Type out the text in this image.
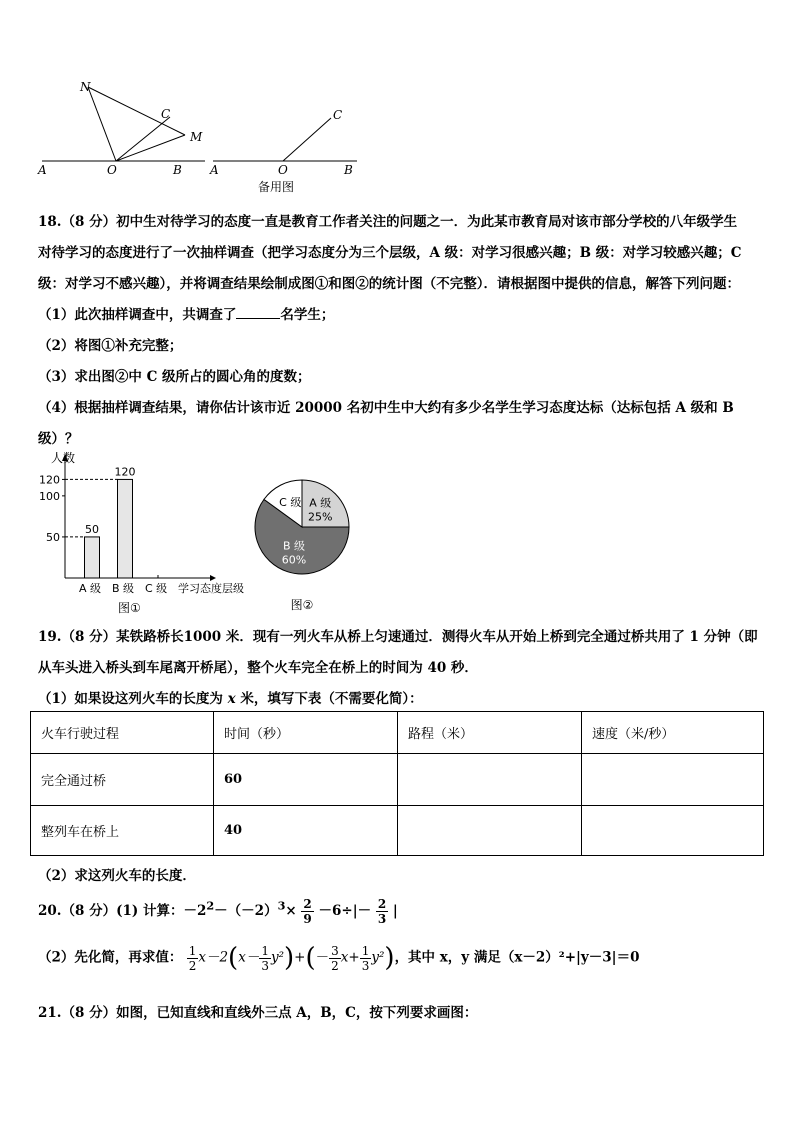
N
C
M
A	O	B
C
A	O	B
备用图
18.（8 分）初中生对待学习的态度一直是教育工作者关注的问题之一．为此某市教育局对该市部分学校的八年级学生
对待学习的态度进行了一次抽样调查（把学习态度分为三个层级，A 级：对学习很感兴趣；B 级：对学习较感兴趣；C
级：对学习不感兴趣），并将调查结果绘制成图①和图②的统计图（不完整）．请根据图中提供的信息，解答下列问题：
（1）此次抽样调查中，共调查了	名学生；
（2）将图①补充完整；
（3）求出图②中 C 级所占的圆心角的度数；
（4）根据抽样调查结果，请你估计该市近 20000 名初中生中大约有多少名学生学习态度达标（达标包括 A 级和 B
级）？
人数
50
100
120
50
A 级
120
B 级 C 级 学习态度层级
图①
A 级
25%
B 级
60%
C 级
图②
19.（8 分）某铁路桥长1000 米．现有一列火车从桥上匀速通过．测得火车从开始上桥到完全通过桥共用了 1 分钟（即
从车头进入桥头到车尾离开桥尾），整个火车完全在桥上的时间为 40 秒．
（1）如果设这列火车的长度为 x 米，填写下表（不需要化简）：
火车行驶过程	时间（秒）	路程（米）	速度（米/秒）
完全通过桥	60		
整列车在桥上	40		
（2）求这列火车的长度．
20.（8 分）(1) 计算：$-2^2-(-2)^3\times \frac{2}{9} -6\div|- \frac{2}{3}$ |
（2）先化简，再求值： $\frac{1}{2} x-2(x- \frac{1}{3} y^2)+(- \frac{3}{2} x+ \frac{1}{3} y^2)$，其中 x，y 满足（x－2）²+|y－3|＝0
21.（8 分）如图，已知直线和直线外三点 A，B，C，按下列要求画图：
